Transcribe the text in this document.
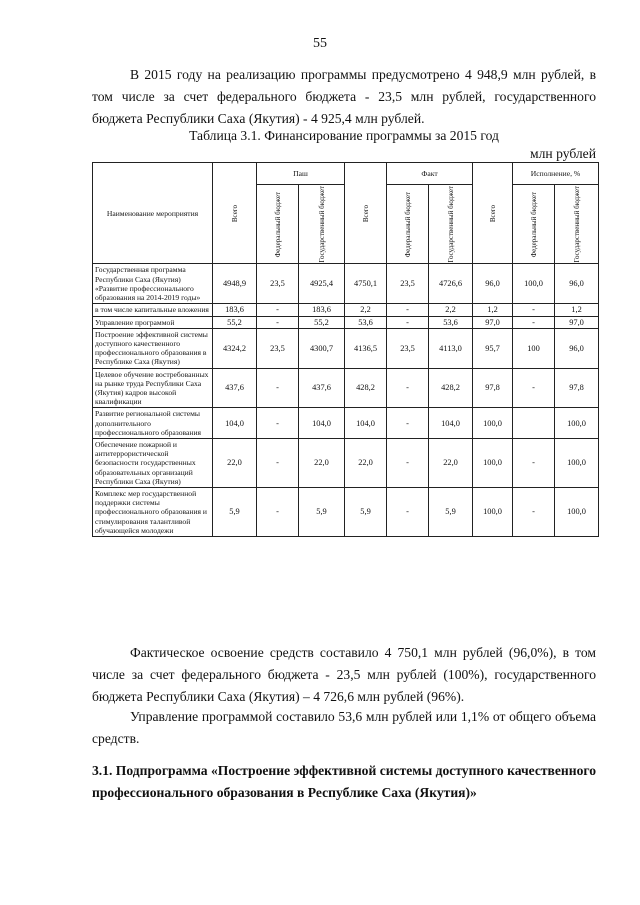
55
В 2015 году на реализацию программы предусмотрено 4 948,9 млн рублей, в том числе за счет федерального бюджета - 23,5 млн рублей, государственного бюджета Республики Саха (Якутия) - 4 925,4 млн рублей.
Таблица 3.1. Финансирование программы за 2015 год
млн рублей
Наименование мероприятия	Всего	Паш		Всего	Факт		Всего	Исполнение, %	

		Федеральный бюджет	Государственный бюджет		Федеральный бюджет	Государственный бюджет		Федеральный бюджет	Государственный бюджет

Государственная программа Республики Саха (Якутия) «Развитие профессионального образования на 2014-2019 годы»	4948,9	23,5	4925,4	4750,1	23,5	4726,6	96,0	100,0	96,0
в том числе капитальные вложения	183,6	-	183,6	2,2	-	2,2	1,2	-	1,2
Управление программой	55,2	-	55,2	53,6	-	53,6	97,0	-	97,0
Построение эффективной системы доступного качественного профессионального образования в Республике Саха (Якутия)	4324,2	23,5	4300,7	4136,5	23,5	4113,0	95,7	100	96,0
Целевое обучение востребованных на рынке труда Республики Саха (Якутия) кадров высокой квалификации	437,6	-	437,6	428,2	-	428,2	97,8	-	97,8
Развитие региональной системы дополнительного профессионального образования	104,0	-	104,0	104,0	-	104,0	100,0		100,0
Обеспечение пожарной и антитеррористической безопасности государственных образовательных организаций Республики Саха (Якутия)	22,0	-	22,0	22,0	-	22,0	100,0	-	100,0
Комплекс мер государственной поддержки системы профессионального образования и стимулирования талантливой обучающейся молодежи	5,9	-	5,9	5,9	-	5,9	100,0	-	100,0
Фактическое освоение средств составило 4 750,1 млн рублей (96,0%), в том числе за счет федерального бюджета - 23,5 млн рублей (100%), государственного бюджета Республики Саха (Якутия) – 4 726,6 млн рублей (96%).
Управление программой составило 53,6 млн рублей или 1,1% от общего объема средств.
3.1. Подпрограмма «Построение эффективной системы доступного качественного профессионального образования в Республике Саха (Якутия)»
